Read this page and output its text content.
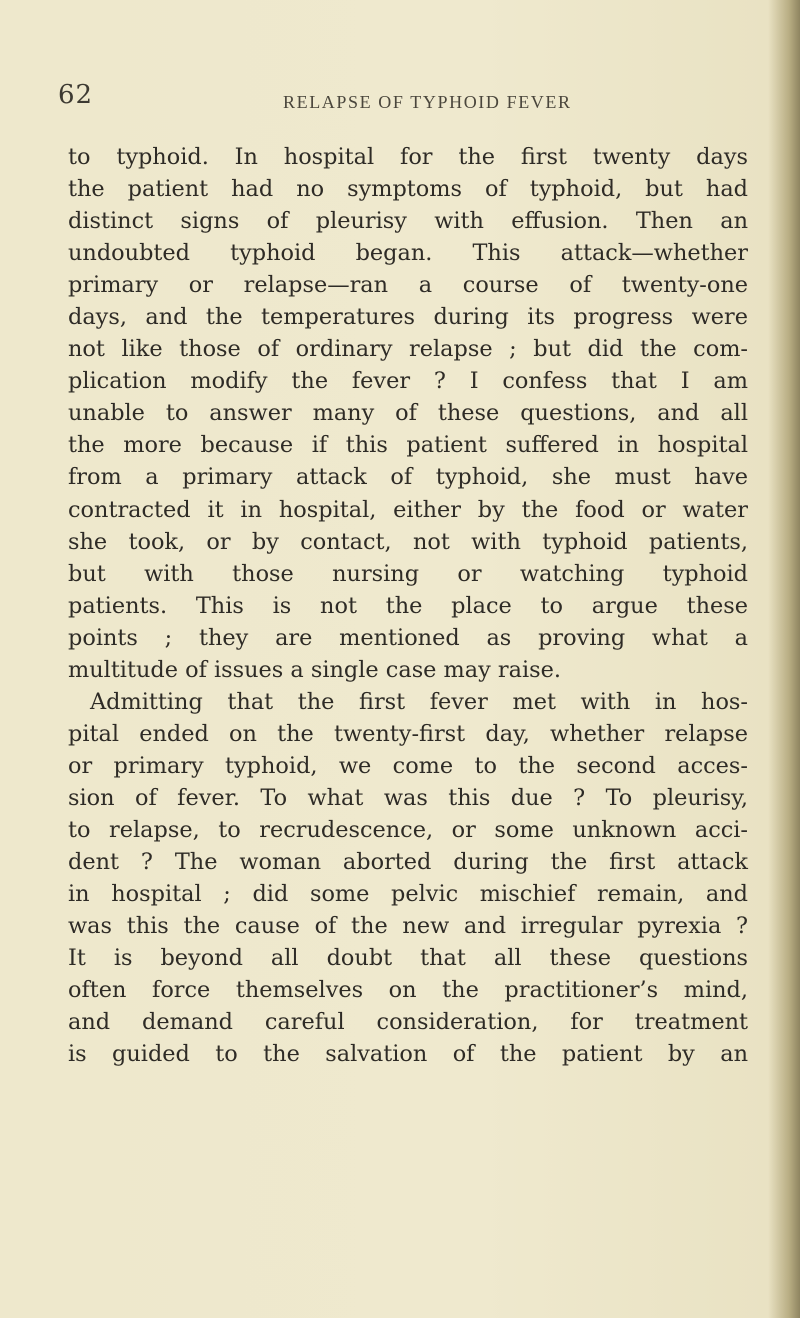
62	RELAPSE OF TYPHOID FEVER
to typhoid. In hospital for the first twenty days
the patient had no symptoms of typhoid, but had
distinct signs of pleurisy with effusion. Then an
undoubted typhoid began. This attack—whether
primary or relapse—ran a course of twenty-one
days, and the temperatures during its progress were
not like those of ordinary relapse ; but did the com-
plication modify the fever ? I confess that I am
unable to answer many of these questions, and all
the more because if this patient suffered in hospital
from a primary attack of typhoid, she must have
contracted it in hospital, either by the food or water
she took, or by contact, not with typhoid patients,
but with those nursing or watching typhoid
patients. This is not the place to argue these
points ; they are mentioned as proving what a
multitude of issues a single case may raise.
Admitting that the first fever met with in hos-
pital ended on the twenty-first day, whether relapse
or primary typhoid, we come to the second acces-
sion of fever. To what was this due ? To pleurisy,
to relapse, to recrudescence, or some unknown acci-
dent ? The woman aborted during the first attack
in hospital ; did some pelvic mischief remain, and
was this the cause of the new and irregular pyrexia ?
It is beyond all doubt that all these questions
often force themselves on the practitioner’s mind,
and demand careful consideration, for treatment
is guided to the salvation of the patient by an
